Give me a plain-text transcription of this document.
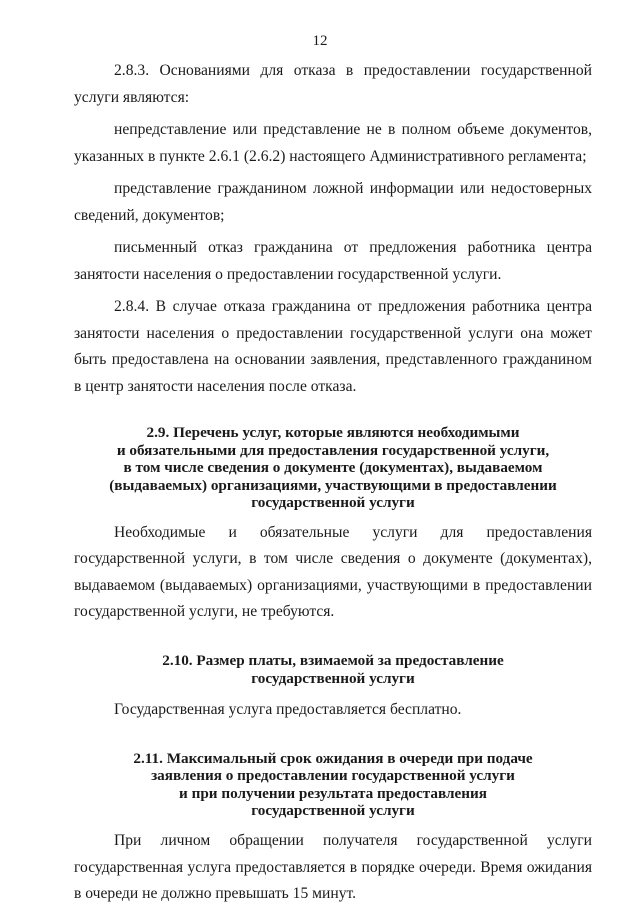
12

2.8.3. Основаниями для отказа в предоставлении государственной услуги являются:

непредставление или представление не в полном объеме документов, указанных в пункте 2.6.1 (2.6.2) настоящего Административного регламента;

представление гражданином ложной информации или недостоверных сведений, документов;

письменный отказ гражданина от предложения работника центра занятости населения о предоставлении государственной услуги.

2.8.4. В случае отказа гражданина от предложения работника центра занятости населения о предоставлении государственной услуги она может быть предоставлена на основании заявления, представленного гражданином в центр занятости населения после отказа.

2.9. Перечень услуг, которые являются необходимыми
и обязательными для предоставления государственной услуги,
в том числе сведения о документе (документах), выдаваемом
(выдаваемых) организациями, участвующими в предоставлении
государственной услуги

Необходимые и обязательные услуги для предоставления государственной услуги, в том числе сведения о документе (документах), выдаваемом (выдаваемых) организациями, участвующими в предоставлении государственной услуги, не требуются.

2.10. Размер платы, взимаемой за предоставление
государственной услуги

Государственная услуга предоставляется бесплатно.

2.11. Максимальный срок ожидания в очереди при подаче
заявления о предоставлении государственной услуги
и при получении результата предоставления
государственной услуги

При личном обращении получателя государственной услуги государственная услуга предоставляется в порядке очереди. Время ожидания в очереди не должно превышать 15 минут.
